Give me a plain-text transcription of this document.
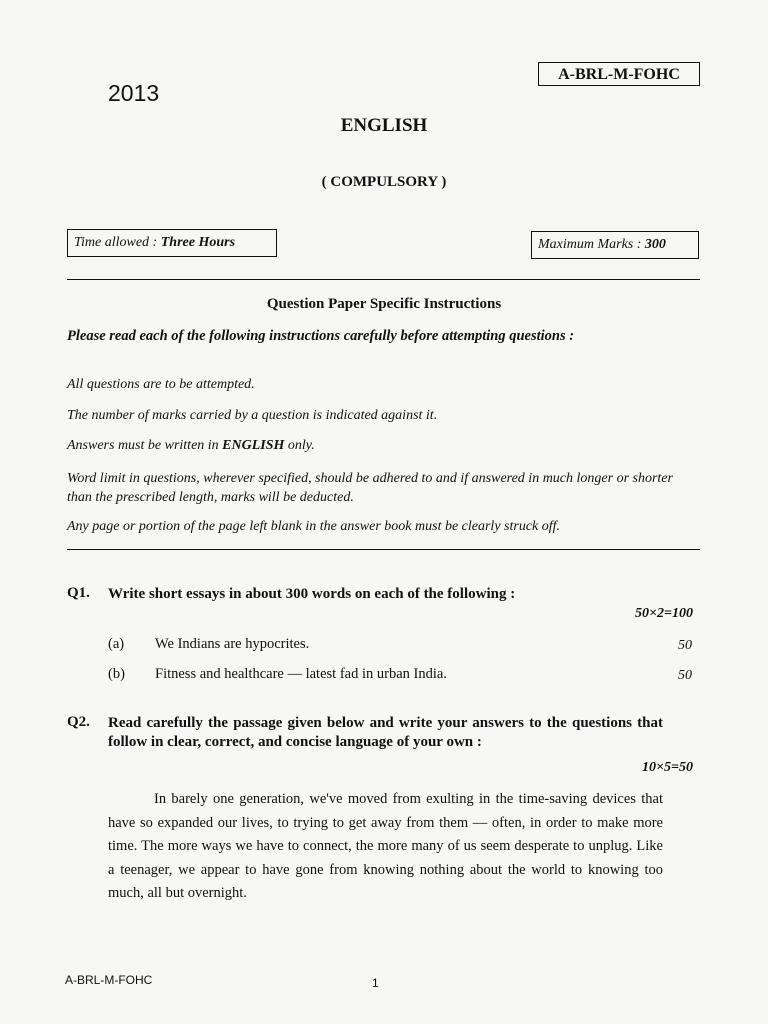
2013
A-BRL-M-FOHC
ENGLISH
( COMPULSORY )
Time allowed : Three Hours	Maximum Marks : 300
Question Paper Specific Instructions
Please read each of the following instructions carefully before attempting questions :
All questions are to be attempted.
The number of marks carried by a question is indicated against it.
Answers must be written in ENGLISH only.
Word limit in questions, wherever specified, should be adhered to and if answered in much longer or shorter than the prescribed length, marks will be deducted.
Any page or portion of the page left blank in the answer book must be clearly struck off.
Q1. Write short essays in about 300 words on each of the following :
50×2=100
(a) We Indians are hypocrites.	50
(b) Fitness and healthcare — latest fad in urban India.	50
Q2. Read carefully the passage given below and write your answers to the questions that follow in clear, correct, and concise language of your own :
10×5=50
In barely one generation, we've moved from exulting in the time-saving devices that have so expanded our lives, to trying to get away from them — often, in order to make more time. The more ways we have to connect, the more many of us seem desperate to unplug. Like a teenager, we appear to have gone from knowing nothing about the world to knowing too much, all but overnight.
A-BRL-M-FOHC	1
